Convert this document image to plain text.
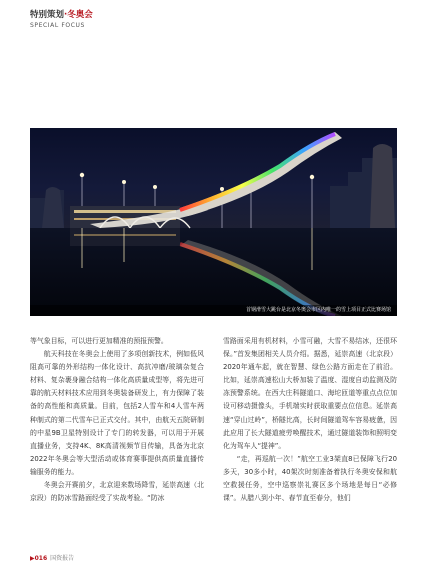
特别策划·冬奥会
SPECIAL FOCUS
首钢滑雪大跳台是北京冬奥会市区内唯一的雪上项目正式比赛场馆

等气象目标，可以进行更加精准的预报预警。

航天科技在冬奥会上使用了多项创新技术，例如低风阻高可靠的外形结构一体化设计、高抗冲磨/玻璃杂复合材料、复杂裹身融合结构一体化高质量成型等，将先进可靠的航天材料技术应用到冬奥装备研发上，有力保障了装备的高性能和高质量。目前，包括2人雪车和4人雪车两种制式的第二代雪车已正式交付。其中，由航天五院研制的中星9B卫星特别设计了专门的转发器，可以用于开展直播业务，支持4K、8K高清视频节目传输，具备为北京2022年冬奥会等大型活动或体育赛事提供高质量直播传输服务的能力。

冬奥会开赛前夕，北京迎来数场降雪，延崇高速（北京段）的防冰雪路面经受了实战考验。“防冰

雪路面采用有机材料，小雪可融，大雪不易结冰，还很环保。”首发集团相关人员介绍。据悉，延崇高速（北京段）2020年通车起，就在智慧、绿色公路方面走在了前沿。比如，延崇高速松山大桥加装了温度、湿度自动监测及防冻预警系统。在西大庄科隧道口、海坨匝道等重点点位加设可移动摄像头，手机端实时获取重要点位信息。延崇高速“穿山过岭”，桥隧比高，长时间隧道驾车容易疲惫，因此应用了长大隧道疲劳唤醒技术，通过隧道装饰和照明变化为驾车人“提神”。

“走，再巡航一次！”航空工业3架直8已保障飞行20多天，30多小时，40架次时刻准备着执行冬奥安保和航空救援任务，空中巡察崇礼赛区多个场地是每日“必修课”。从腊八到小年、春节直至春分，他们

▶016 国资报告
